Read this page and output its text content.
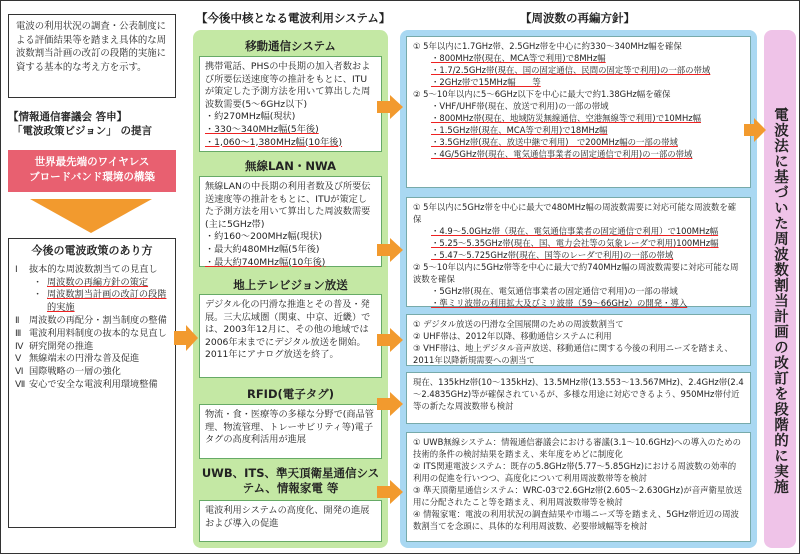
電波の利用状況の調査・公表制度による評価結果等を踏まえ具体的な周波数割当計画の改訂の段階的実施に資する基本的な考え方を示す。
【情報通信審議会 答申】
「電波政策ビジョン」 の提言
世界最先端のワイヤレス
ブロードバンド環境の構築
今後の電波政策のあり方
Ⅰ	抜本的な周波数割当ての見直し
・ 周波数の再編方針の策定
・ 周波数割当計画の改訂の段階的実施
Ⅱ	周波数の再配分・割当制度の整備
Ⅲ 電波利用料制度の抜本的な見直し
Ⅳ 研究開発の推進
Ⅴ 無線端末の円滑な普及促進
Ⅵ 国際戦略の一層の強化
Ⅶ 安心で安全な電波利用環境整備
【今後中核となる電波利用システム】
移動通信システム
携帯電話、PHSの中長期の加入者数および所要伝送速度等の推計をもとに、ITUが策定した予測方法を用いて算出した周波数需要(5～6GHz以下)
・約270MHz幅(現状)
・330～340MHz幅(5年後)
・1,060～1,380MHz幅(10年後)
無線LAN・NWA
無線LANの中長期の利用者数及び所要伝送速度等の推計をもとに、ITUが策定した予測方法を用いて算出した周波数需要 (主に5GHz帯)
・約160～200MHz幅(現状)
・最大約480MHz幅(5年後)
・最大約740MHz幅(10年後)
地上テレビジョン放送
デジタル化の円滑な推進とその普及・発展。三大広域圏（関東、中京、近畿）では、2003年12月に、その他の地域では2006年末までにデジタル放送を開始。2011年にアナログ放送を終了。
RFID(電子タグ)
物流・食・医療等の多様な分野で(商品管理、物流管理、トレーサビリティ等)電子タグの高度利活用が進展
UWB、ITS、準天頂衛星通信システム、情報家電 等
電波利用システムの高度化、開発の進展および導入の促進
【周波数の再編方針】
① 5年以内に1.7GHz帯、2.5GHz帯を中心に約330～340MHz幅を確保
・800MHz帯(現在、MCA等で利用)で8MHz幅
・1.7/2.5GHz帯(現在、国の固定通信、民間の固定等で利用)の一部の帯域
・2GHz帯で15MHz幅　　等
② 5～10年以内に5～6GHz以下を中心に最大で約1.38GHz幅を確保
・VHF/UHF帯(現在、放送で利用)の一部の帯域
・800MHz帯(現在、地域防災無線通信、空港無線等で利用)で10MHz幅
・1.5GHz帯(現在、MCA等で利用)で18MHz幅
・3.5GHz帯(現在、放送中継で利用)　で200MHz幅の一部の帯域
・4G/5GHz帯(現在、電気通信事業者の固定通信で利用)の一部の帯域
① 5年以内に5GHz帯を中心に最大で480MHz幅の周波数需要に対応可能な周波数を確保
・4.9～5.0GHz帯（現在、電気通信事業者の固定通信で利用）で100MHz幅
・5.25～5.35GHz帯(現在、国、電力会社等の気象レーダで利用)100MHz幅
・5.47～5.725GHz帯(現在、国等のレーダで利用)の一部の帯域
② 5～10年以内に5GHz帯等を中心に最大で約740MHz幅の周波数需要に対応可能な周波数を確保
・5GHz帯(現在、電気通信事業者の固定通信で利用)の一部の帯域
・準ミリ波帯の利用拡大及びミリ波帯（59～66GHz）の開発・導入
① デジタル放送の円滑な全国展開のための周波数割当て
② UHF帯は、2012年以降、移動通信システムに利用
③ VHF帯は、地上デジタル音声放送、移動通信に関する今後の利用ニーズを踏まえ、2011年以降新規需要への割当て
現在、135kHz帯(10～135kHz)、13.5MHz帯(13.553～13.567MHz)、2.4GHz帯(2.4～2.4835GHz)等が確保されているが、多様な用途に対応できるよう、950MHz帯付近等の新たな周波数帯も検討
① UWB無線システム：情報通信審議会における審議(3.1～10.6GHz)への導入のための技術的条件の検討結果を踏まえ、来年度をめどに制度化
② ITS関連電波システム：既存の5.8GHz帯(5.77～5.85GHz)における周波数の効率的利用の促進を行いつつ、高度化について利用周波数帯等を検討
③ 準天頂衛星通信システム：WRC-03で2.6GHz帯(2.605～2.630GHz)が音声衛星放送用に分配されたこと等を踏まえ、利用周波数帯等を検討
④ 情報家電：電波の利用状況の調査結果や市場ニーズ等を踏まえ、5GHz帯近辺の周波数割当てを念頭に、具体的な利用周波数、必要帯域幅等を検討
電波法に基づいた周波数割当計画の改訂を段階的に実施
